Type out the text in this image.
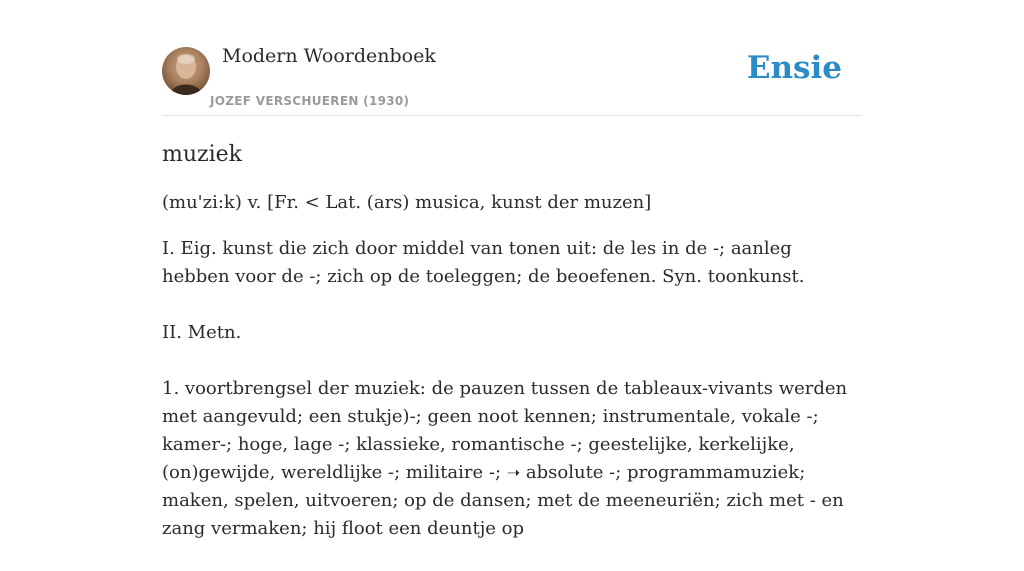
Modern Woordenboek
JOZEF VERSCHUEREN (1930)
Ensie
muziek

(mu'zi:k) v. [Fr. < Lat. (ars) musica, kunst der muzen]

I. Eig. kunst die zich door middel van tonen uit: de les in de -; aanleg hebben voor de -; zich op de toeleggen; de beoefenen. Syn. toonkunst.

II. Metn.

1. voortbrengsel der muziek: de pauzen tussen de tableaux-vivants werden met aangevuld; een stukje)-; geen noot kennen; instrumentale, vokale -; kamer-; hoge, lage -; klassieke, romantische -; geestelijke, kerkelijke, (on)gewijde, wereldlijke -; militaire -; ➝ absolute -; programmamuziek; maken, spelen, uitvoeren; op de dansen; met de meeneuriën; zich met - en zang vermaken; hij floot een deuntje op
